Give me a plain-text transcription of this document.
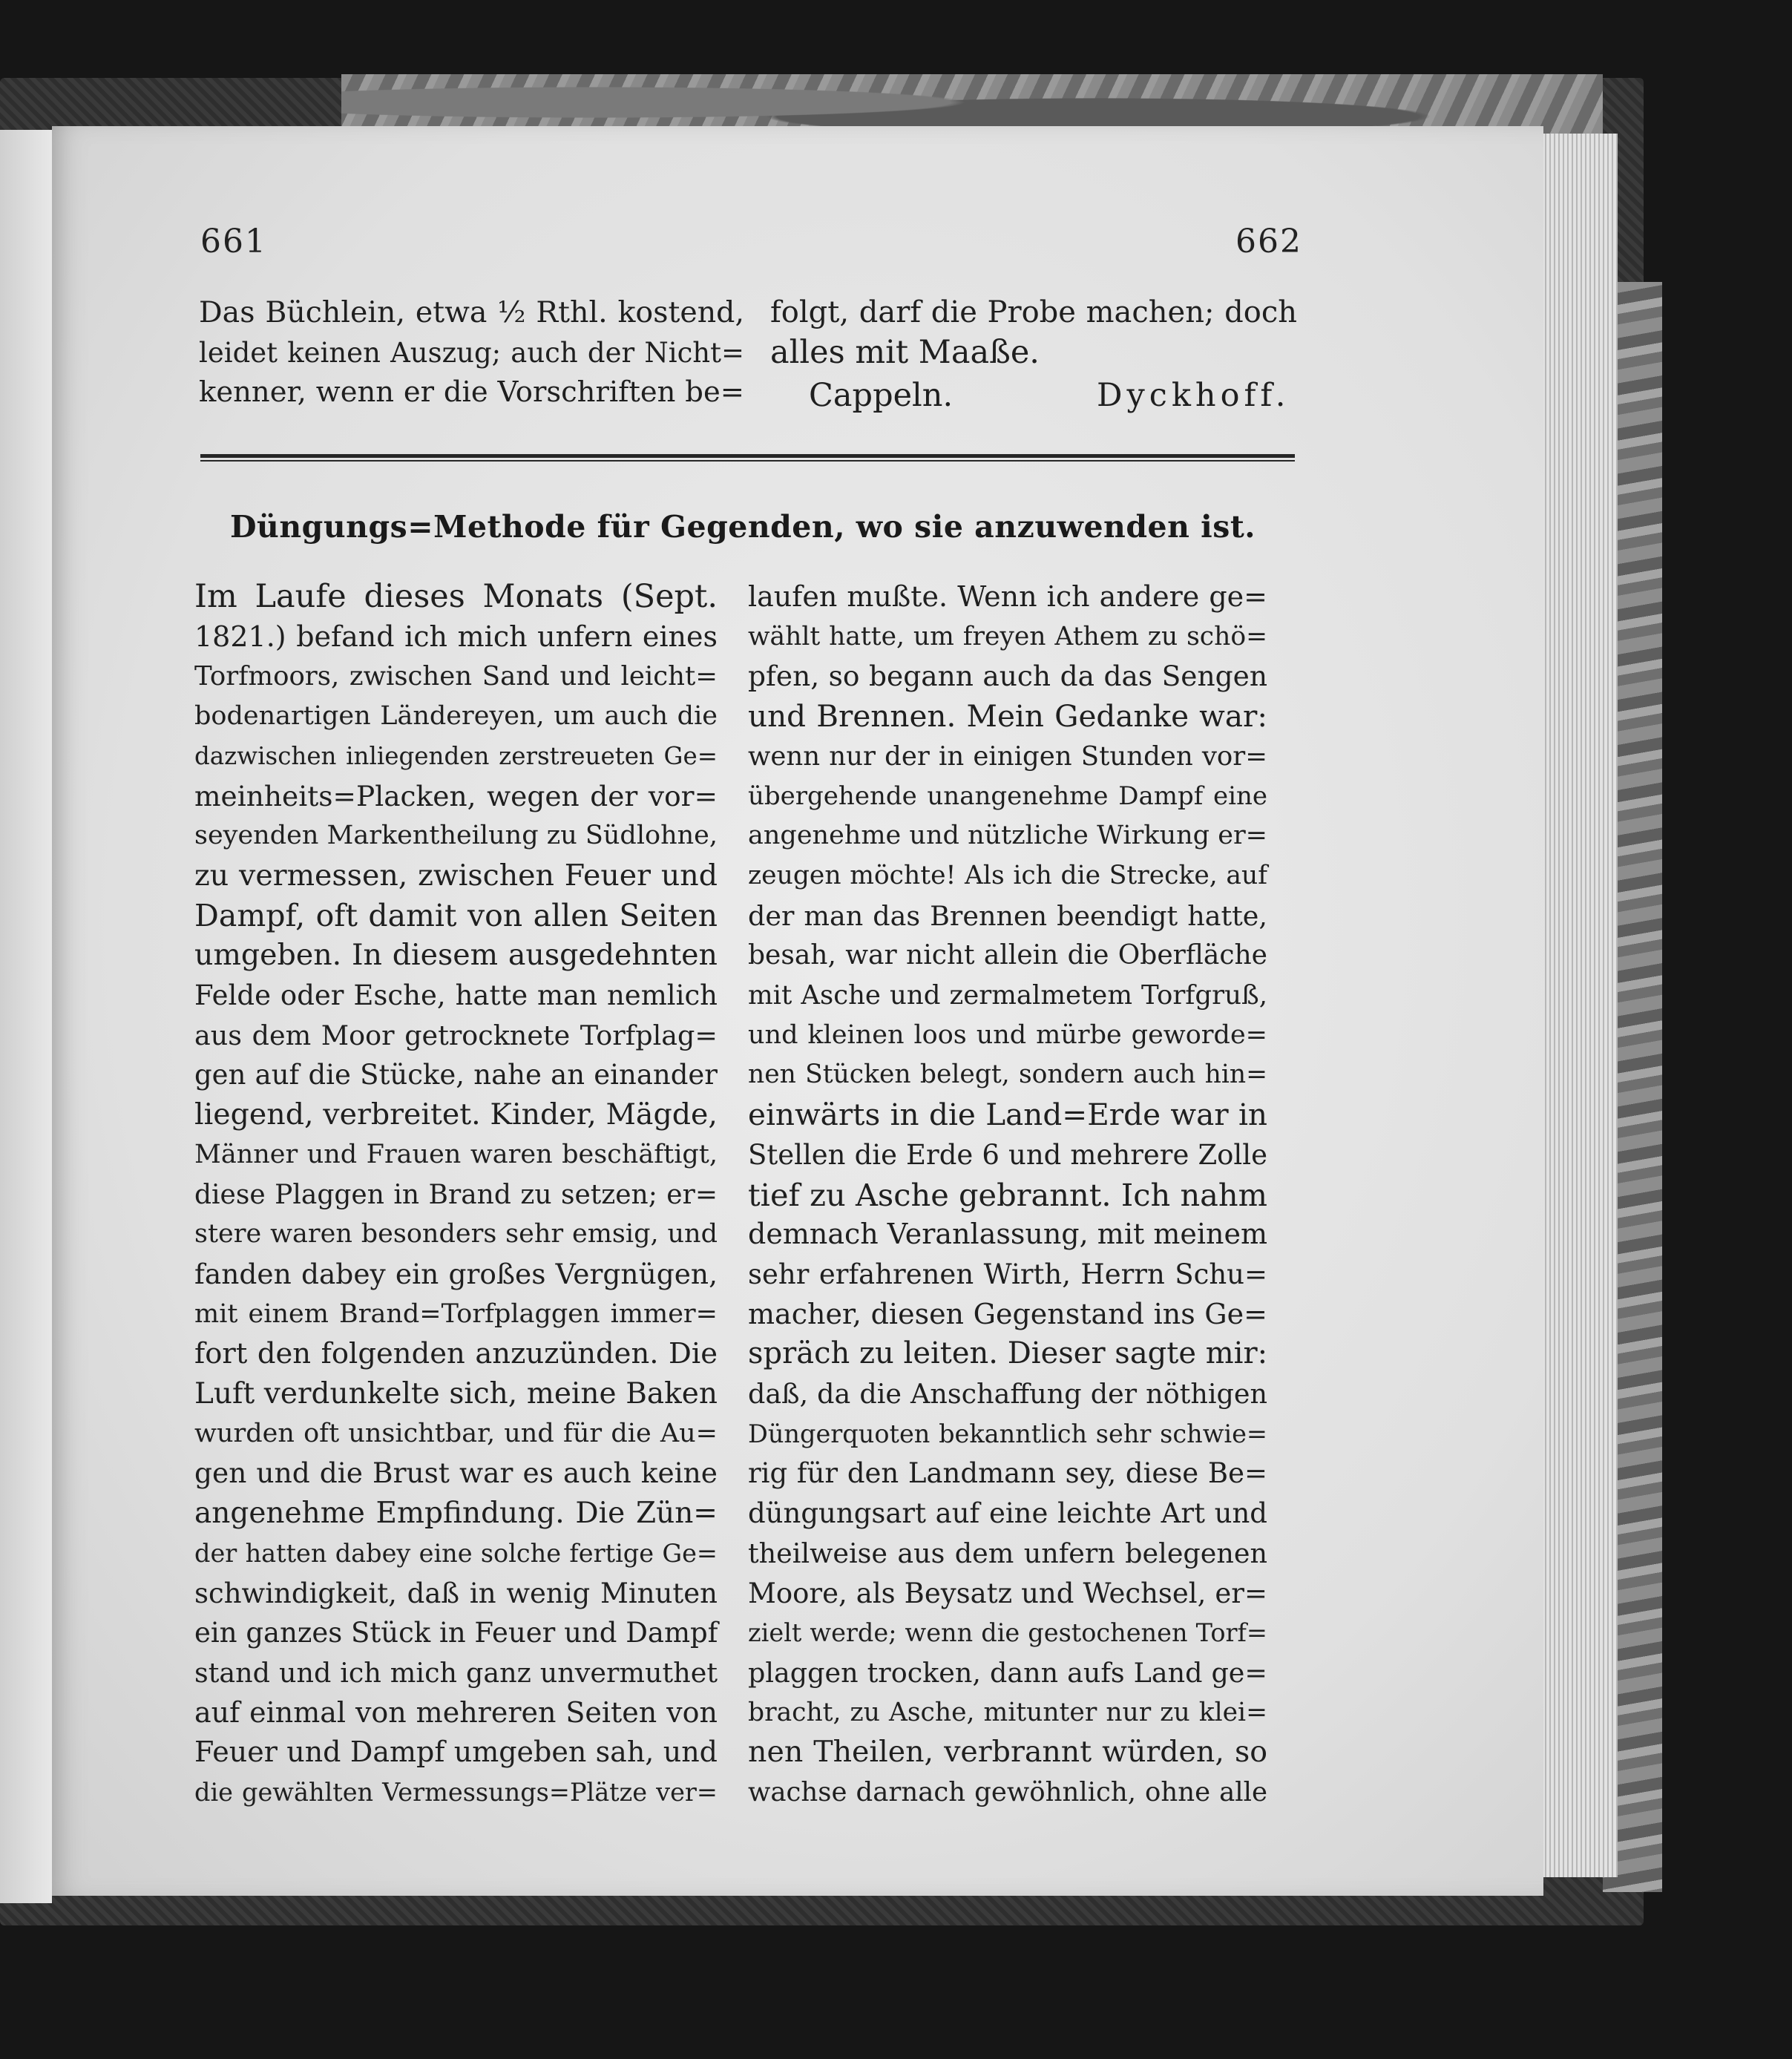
661	662
Das Büchlein, etwa ½ Rthl. kostend,
leidet keinen Auszug; auch der Nicht=
kenner, wenn er die Vorschriften be=
folgt, darf die Probe machen; doch
alles mit Maaße.
Cappeln.	Dyckhoff.
Düngungs=Methode für Gegenden, wo sie anzuwenden ist.
Im Laufe dieses Monats (Sept.
1821.) befand ich mich unfern eines
Torfmoors, zwischen Sand und leicht=
bodenartigen Ländereyen, um auch die
dazwischen inliegenden zerstreueten Ge=
meinheits=Placken, wegen der vor=
seyenden Markentheilung zu Südlohne,
zu vermessen, zwischen Feuer und
Dampf, oft damit von allen Seiten
umgeben. In diesem ausgedehnten
Felde oder Esche, hatte man nemlich
aus dem Moor getrocknete Torfplag=
gen auf die Stücke, nahe an einander
liegend, verbreitet. Kinder, Mägde,
Männer und Frauen waren beschäftigt,
diese Plaggen in Brand zu setzen; er=
stere waren besonders sehr emsig, und
fanden dabey ein großes Vergnügen,
mit einem Brand=Torfplaggen immer=
fort den folgenden anzuzünden. Die
Luft verdunkelte sich, meine Baken
wurden oft unsichtbar, und für die Au=
gen und die Brust war es auch keine
angenehme Empfindung. Die Zün=
der hatten dabey eine solche fertige Ge=
schwindigkeit, daß in wenig Minuten
ein ganzes Stück in Feuer und Dampf
stand und ich mich ganz unvermuthet
auf einmal von mehreren Seiten von
Feuer und Dampf umgeben sah, und
die gewählten Vermessungs=Plätze ver=
laufen mußte. Wenn ich andere ge=
wählt hatte, um freyen Athem zu schö=
pfen, so begann auch da das Sengen
und Brennen. Mein Gedanke war:
wenn nur der in einigen Stunden vor=
übergehende unangenehme Dampf eine
angenehme und nützliche Wirkung er=
zeugen möchte! Als ich die Strecke, auf
der man das Brennen beendigt hatte,
besah, war nicht allein die Oberfläche
mit Asche und zermalmetem Torfgruß,
und kleinen loos und mürbe geworde=
nen Stücken belegt, sondern auch hin=
einwärts in die Land=Erde war in
Stellen die Erde 6 und mehrere Zolle
tief zu Asche gebrannt. Ich nahm
demnach Veranlassung, mit meinem
sehr erfahrenen Wirth, Herrn Schu=
macher, diesen Gegenstand ins Ge=
spräch zu leiten. Dieser sagte mir:
daß, da die Anschaffung der nöthigen
Düngerquoten bekanntlich sehr schwie=
rig für den Landmann sey, diese Be=
düngungsart auf eine leichte Art und
theilweise aus dem unfern belegenen
Moore, als Beysatz und Wechsel, er=
zielt werde; wenn die gestochenen Torf=
plaggen trocken, dann aufs Land ge=
bracht, zu Asche, mitunter nur zu klei=
nen Theilen, verbrannt würden, so
wachse darnach gewöhnlich, ohne alle
